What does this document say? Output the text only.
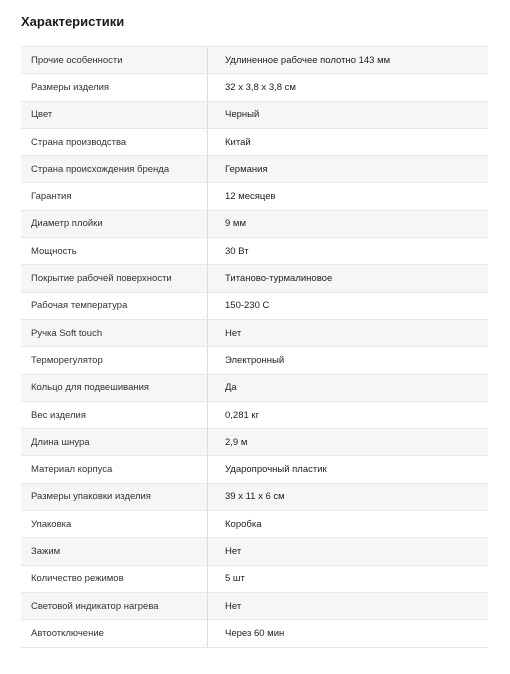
Характеристики
Прочие особенности	Удлиненное рабочее полотно 143 мм
Размеры изделия	32 х 3,8 х 3,8 см
Цвет	Черный
Страна производства	Китай
Страна происхождения бренда	Германия
Гарантия	12 месяцев
Диаметр плойки	9 мм
Мощность	30 Вт
Покрытие рабочей поверхности	Титаново-турмалиновое
Рабочая температура	150-230 С
Ручка Soft touch	Нет
Терморегулятор	Электронный
Кольцо для подвешивания	Да
Вес изделия	0,281 кг
Длина шнура	2,9 м
Материал корпуса	Ударопрочный пластик
Размеры упаковки изделия	39 х 11 х 6 см
Упаковка	Коробка
Зажим	Нет
Количество режимов	5 шт
Световой индикатор нагрева	Нет
Автоотключение	Через 60 мин
